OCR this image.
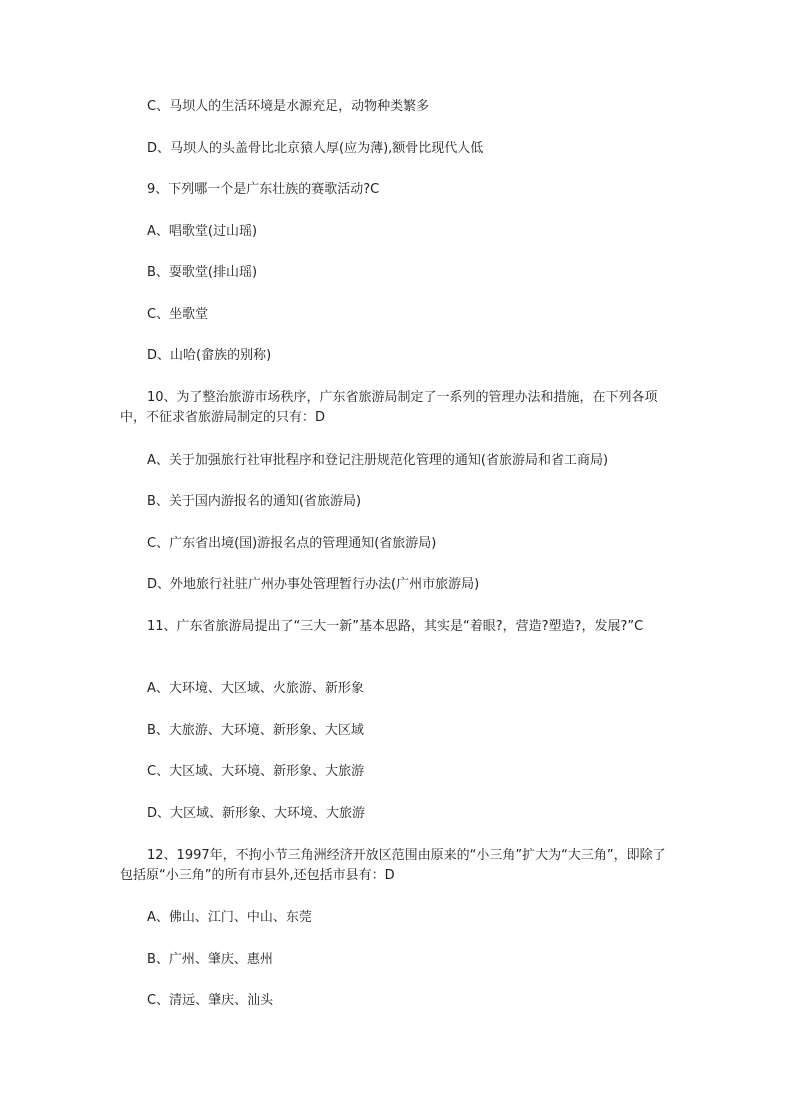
C、马坝人的生活环境是水源充足，动物种类繁多
D、马坝人的头盖骨比北京猿人厚(应为薄),额骨比现代人低
9、下列哪一个是广东壮族的赛歌活动?C
A、唱歌堂(过山瑶)
B、耍歌堂(排山瑶)
C、坐歌堂
D、山哈(畲族的别称)
10、为了整治旅游市场秩序，广东省旅游局制定了一系列的管理办法和措施，在下列各项中，不征求省旅游局制定的只有：D
A、关于加强旅行社审批程序和登记注册规范化管理的通知(省旅游局和省工商局)
B、关于国内游报名的通知(省旅游局)
C、广东省出境(国)游报名点的管理通知(省旅游局)
D、外地旅行社驻广州办事处管理暂行办法(广州市旅游局)
11、广东省旅游局提出了“三大一新”基本思路，其实是“着眼?，营造?塑造?，发展?”C
A、大环境、大区域、火旅游、新形象
B、大旅游、大环境、新形象、大区域
C、大区域、大环境、新形象、大旅游
D、大区域、新形象、大环境、大旅游
12、1997年，不拘小节三角洲经济开放区范围由原来的“小三角”扩大为“大三角”，即除了包括原“小三角”的所有市县外,还包括市县有：D
A、佛山、江门、中山、东莞
B、广州、肇庆、惠州
C、清远、肇庆、汕头
